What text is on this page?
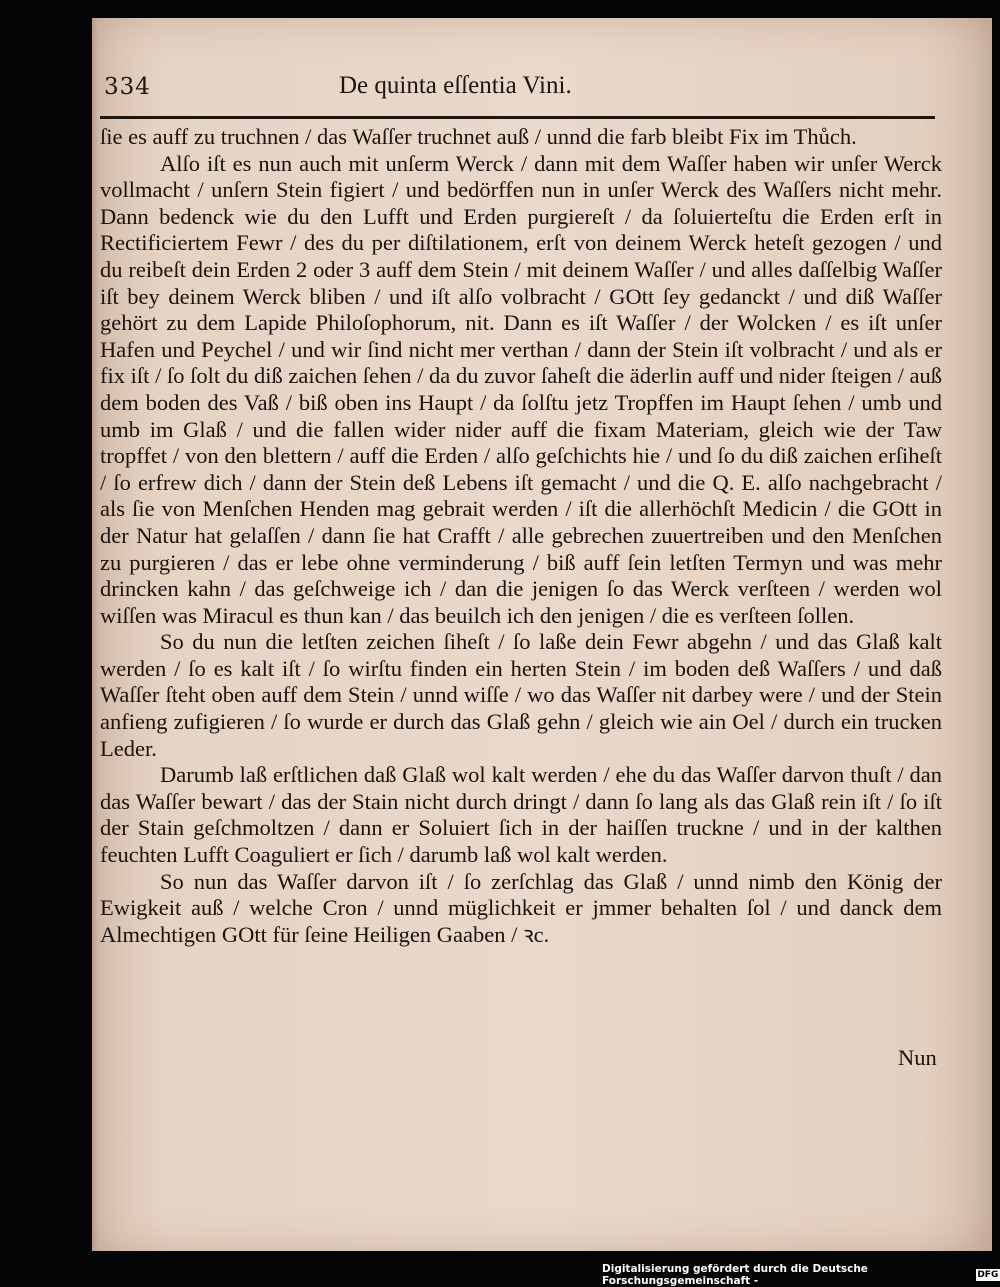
334	De quinta eſſentia Vini.

ſie es auff zu truchnen / das Waſſer truchnet auß / unnd die farb bleibt Fix im Thůch.

Alſo iſt es nun auch mit unſerm Werck / dann mit dem Waſſer haben wir unſer Werck vollmacht / unſern Stein figiert / und bedörffen nun in unſer Werck des Waſſers nicht mehr. Dann bedenck wie du den Lufft und Erden purgiereſt / da ſoluierteſtu die Erden erſt in Rectificiertem Fewr / des du per diſtilationem, erſt von deinem Werck heteſt gezogen / und du reibeſt dein Erden 2 oder 3 auff dem Stein / mit deinem Waſſer / und alles daſſelbig Waſſer iſt bey deinem Werck bliben / und iſt alſo volbracht / GOtt ſey gedanckt / und diß Waſſer gehört zu dem Lapide Philoſophorum, nit. Dann es iſt Waſſer / der Wolcken / es iſt unſer Hafen und Peychel / und wir ſind nicht mer verthan / dann der Stein iſt volbracht / und als er fix iſt / ſo ſolt du diß zaichen ſehen / da du zuvor ſaheſt die äderlin auff und nider ſteigen / auß dem boden des Vaß / biß oben ins Haupt / da ſolſtu jetz Tropffen im Haupt ſehen / umb und umb im Glaß / und die fallen wider nider auff die fixam Materiam, gleich wie der Taw tropffet / von den blettern / auff die Erden / alſo geſchichts hie / und ſo du diß zaichen erſiheſt / ſo erfrew dich / dann der Stein deß Lebens iſt gemacht / und die Q. E. alſo nachgebracht / als ſie von Menſchen Henden mag gebrait werden / iſt die allerhöchſt Medicin / die GOtt in der Natur hat gelaſſen / dann ſie hat Crafft / alle gebrechen zuuertreiben und den Menſchen zu purgieren / das er lebe ohne verminderung / biß auff ſein letſten Termyn und was mehr drincken kahn / das geſchweige ich / dan die jenigen ſo das Werck verſteen / werden wol wiſſen was Miracul es thun kan / das beuilch ich den jenigen / die es verſteen ſollen.

So du nun die letſten zeichen ſiheſt / ſo laße dein Fewr abgehn / und das Glaß kalt werden / ſo es kalt iſt / ſo wirſtu finden ein herten Stein / im boden deß Waſſers / und daß Waſſer ſteht oben auff dem Stein / unnd wiſſe / wo das Waſſer nit darbey were / und der Stein anfieng zufigieren / ſo wurde er durch das Glaß gehn / gleich wie ain Oel / durch ein trucken Leder.

Darumb laß erſtlichen daß Glaß wol kalt werden / ehe du das Waſſer darvon thuſt / dan das Waſſer bewart / das der Stain nicht durch dringt / dann ſo lang als das Glaß rein iſt / ſo iſt der Stain geſchmoltzen / dann er Soluiert ſich in der haiſſen truckne / und in der kalthen feuchten Lufft Coaguliert er ſich / darumb laß wol kalt werden.

So nun das Waſſer darvon iſt / ſo zerſchlag das Glaß / unnd nimb den König der Ewigkeit auß / welche Cron / unnd müglichkeit er jmmer behalten ſol / und danck dem Almechtigen GOtt für ſeine Heiligen Gaaben / ꝛc.

Nun
Digitalisierung gefördert durch die Deutsche Forschungsgemeinschaft -	DFG
